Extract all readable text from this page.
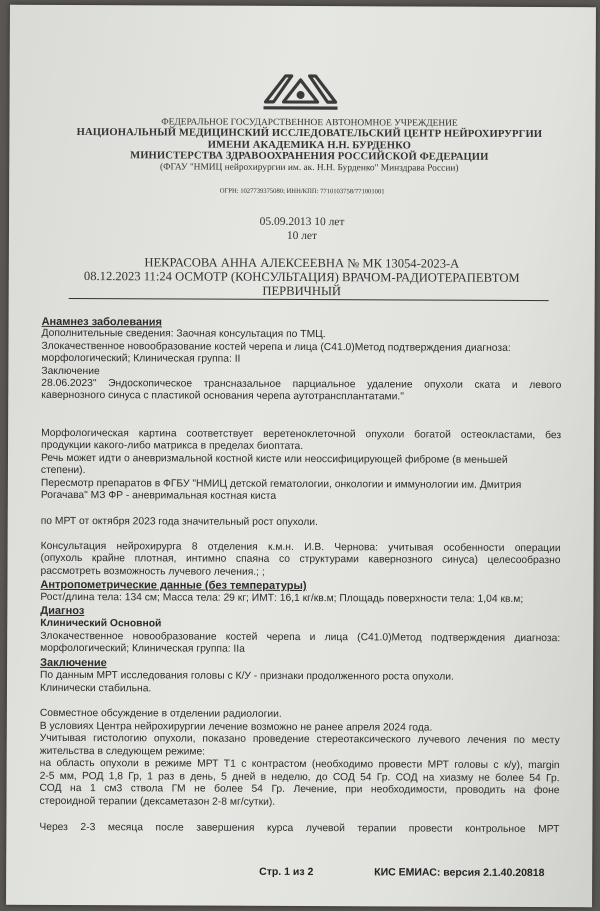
ФЕДЕРАЛЬНОЕ ГОСУДАРСТВЕННОЕ АВТОНОМНОЕ УЧРЕЖДЕНИЕ
НАЦИОНАЛЬНЫЙ МЕДИЦИНСКИЙ ИССЛЕДОВАТЕЛЬСКИЙ ЦЕНТР НЕЙРОХИРУРГИИ
ИМЕНИ АКАДЕМИКА Н.Н. БУРДЕНКО
МИНИСТЕРСТВА ЗДРАВООХРАНЕНИЯ РОССИЙСКОЙ ФЕДЕРАЦИИ
(ФГАУ "НМИЦ нейрохирургии им. ак. Н.Н. Бурденко" Минздрава России)
ОГРН: 1027739375080; ИНН/КПП: 7710103758/771001001
05.09.2013 10 лет
10 лет
НЕКРАСОВА АННА АЛЕКСЕЕВНА № МК 13054-2023-А
08.12.2023 11:24 ОСМОТР (КОНСУЛЬТАЦИЯ) ВРАЧОМ-РАДИОТЕРАПЕВТОМ
ПЕРВИЧНЫЙ
Анамнез заболевания
Дополнительные сведения: Заочная консультация по ТМЦ.
Злокачественное новообразование костей черепа и лица (С41.0)Метод подтверждения диагноза:
морфологический; Клиническая группа: II
Заключение
28.06.2023" Эндоскопическое трансназальное парциальное удаление опухоли ската и левого
кавернозного синуса с пластикой основания черепа аутотрансплантатами."
Морфологическая картина соответствует веретеноклеточной опухоли богатой остеокластами, без
продукции какого-либо матрикса в пределах биоптата.
Речь может идти о аневризмальной костной кисте или неоссифицирующей фиброме (в меньшей
степени).
Пересмотр препаратов в ФГБУ "НМИЦ детской гематологии, онкологии и иммунологии им. Дмитрия
Рогачава" МЗ ФР - аневримальная костная киста
по МРТ от октября 2023 года значительный рост опухоли.
Консультация нейрохирурга 8 отделения к.м.н. И.В. Чернова: учитывая особенности операции
(опухоль крайне плотная, интимно спаяна со структурами кавернозного синуса) целесообразно
рассмотреть возможность лучевого лечения.; ;
Антропометрические данные (без температуры)
Рост/длина тела: 134 см; Масса тела: 29 кг; ИМТ: 16,1 кг/кв.м; Площадь поверхности тела: 1,04 кв.м;
Диагноз
Клинический Основной
Злокачественное новообразование костей черепа и лица (С41.0)Метод подтверждения диагноза:
морфологический; Клиническая группа: IIa
Заключение
По данным МРТ исследования головы с К/У - признаки продолженного роста опухоли.
Клинически стабильна.
Совместное обсуждение в отделении радиологии.
В условиях Центра нейрохирургии лечение возможно не ранее апреля 2024 года.
Учитывая гистологию опухоли, показано проведение стереотаксического лучевого лечения по месту
жительства в следующем режиме:
на область опухоли в режиме МРТ Т1 с контрастом (необходимо провести МРТ головы с к/у), margin
2-5 мм, РОД 1,8 Гр, 1 раз в день, 5 дней в неделю, до СОД 54 Гр. СОД на хиазму не более 54 Гр.
СОД на 1 см3 ствола ГМ не более 54 Гр. Лечение, при необходимости, проводить на фоне
стероидной терапии (дексаметазон 2-8 мг/сутки).
Через 2-3 месяца после завершения курса лучевой терапии провести контрольное МРТ
Стр. 1 из 2	КИС ЕМИАС: версия 2.1.40.20818
